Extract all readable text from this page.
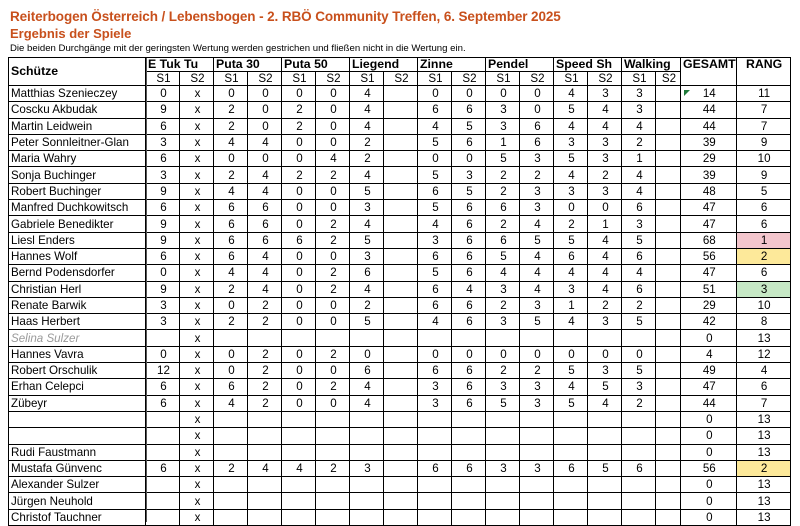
Reiterbogen Österreich / Lebensbogen - 2. RBÖ Community Treffen, 6. September 2025
Ergebnis der Spiele
Die beiden Durchgänge mit der geringsten Wertung werden gestrichen und fließen nicht in die Wertung ein.
Schütze	E Tuk Tu		Puta 30		Puta 50		Liegend		Zinne		Pendel		Speed Sh		Walking		GESAMT	RANG
	S1	S2	S1	S2	S1	S2	S1	S2	S1	S2	S1	S2	S1	S2	S1	S2		
Matthias Szenieczey	0	x	0	0	0	0	4		0	0	0	0	4	3	3		14	11
Coscku Akbudak	9	x	2	0	2	0	4		6	6	3	0	5	4	3		44	7
Martin Leidwein	6	x	2	0	2	0	4		4	5	3	6	4	4	4		44	7
Peter Sonnleitner-Glan	3	x	4	4	0	0	2		5	6	1	6	3	3	2		39	9
Maria Wahry	6	x	0	0	0	4	2		0	0	5	3	5	3	1		29	10
Sonja Buchinger	3	x	2	4	2	2	4		5	3	2	2	4	2	4		39	9
Robert Buchinger	9	x	4	4	0	0	5		6	5	2	3	3	3	4		48	5
Manfred Duchkowitsch	6	x	6	6	0	0	3		5	6	6	3	0	0	6		47	6
Gabriele Benedikter	9	x	6	6	0	2	4		4	6	2	4	2	1	3		47	6
Liesl Enders	9	x	6	6	6	2	5		3	6	6	5	5	4	5		68	1
Hannes Wolf	6	x	6	4	0	0	3		6	6	5	4	6	4	6		56	2
Bernd Podensdorfer	0	x	4	4	0	2	6		5	6	4	4	4	4	4		47	6
Christian Herl	9	x	2	4	0	2	4		6	4	3	4	3	4	6		51	3
Renate Barwik	3	x	0	2	0	0	2		6	6	2	3	1	2	2		29	10
Haas Herbert	3	x	2	2	0	0	5		4	6	3	5	4	3	5		42	8
Selina Sulzer		x															0	13
Hannes Vavra	0	x	0	2	0	2	0		0	0	0	0	0	0	0		4	12
Robert Orschulik	12	x	0	2	0	0	6		6	6	2	2	5	3	5		49	4
Erhan Celepci	6	x	6	2	0	2	4		3	6	3	3	4	5	3		47	6
Zübeyr	6	x	4	2	0	0	4		3	6	5	3	5	4	2		44	7
		x															0	13
		x															0	13
Rudi Faustmann		x															0	13
Mustafa Günvenc	6	x	2	4	4	2	3		6	6	3	3	6	5	6		56	2
Alexander Sulzer		x															0	13
Jürgen Neuhold		x															0	13
Christof Tauchner		x															0	13
